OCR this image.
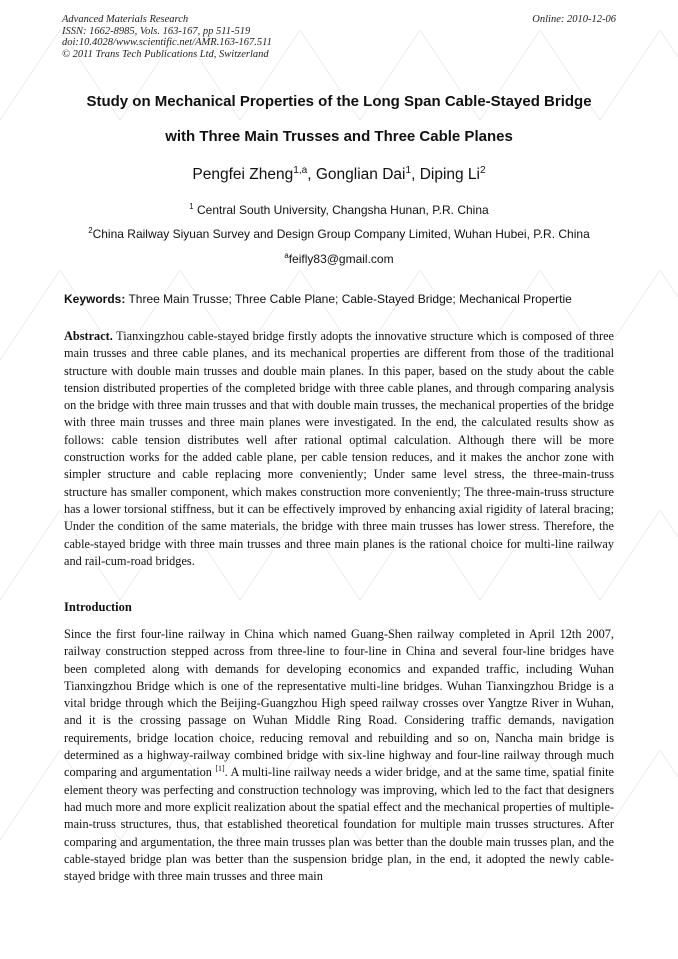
Advanced Materials Research
ISSN: 1662-8985, Vols. 163-167, pp 511-519
doi:10.4028/www.scientific.net/AMR.163-167.511
© 2011 Trans Tech Publications Ltd, Switzerland
Online: 2010-12-06
Study on Mechanical Properties of the Long Span Cable-Stayed Bridge
with Three Main Trusses and Three Cable Planes
Pengfei Zheng$^{1,a}$, Gonglian Dai$^1$, Diping Li$^2$
$^1$ Central South University, Changsha Hunan, P.R. China
$^2$China Railway Siyuan Survey and Design Group Company Limited, Wuhan Hubei, P.R. China
$^a$feifly83@gmail.com
Keywords: Three Main Trusse; Three Cable Plane; Cable-Stayed Bridge; Mechanical Propertie
Abstract. Tianxingzhou cable-stayed bridge firstly adopts the innovative structure which is composed of three main trusses and three cable planes, and its mechanical properties are different from those of the traditional structure with double main trusses and double main planes. In this paper, based on the study about the cable tension distributed properties of the completed bridge with three cable planes, and through comparing analysis on the bridge with three main trusses and that with double main trusses, the mechanical properties of the bridge with three main trusses and three main planes were investigated. In the end, the calculated results show as follows: cable tension distributes well after rational optimal calculation. Although there will be more construction works for the added cable plane, per cable tension reduces, and it makes the anchor zone with simpler structure and cable replacing more conveniently; Under same level stress, the three-main-truss structure has smaller component, which makes construction more conveniently; The three-main-truss structure has a lower torsional stiffness, but it can be effectively improved by enhancing axial rigidity of lateral bracing; Under the condition of the same materials, the bridge with three main trusses has lower stress. Therefore, the cable-stayed bridge with three main trusses and three main planes is the rational choice for multi-line railway and rail-cum-road bridges.
Introduction
Since the first four-line railway in China which named Guang-Shen railway completed in April 12th 2007, railway construction stepped across from three-line to four-line in China and several four-line bridges have been completed along with demands for developing economics and expanded traffic, including Wuhan Tianxingzhou Bridge which is one of the representative multi-line bridges. Wuhan Tianxingzhou Bridge is a vital bridge through which the Beijing-Guangzhou High speed railway crosses over Yangtze River in Wuhan, and it is the crossing passage on Wuhan Middle Ring Road. Considering traffic demands, navigation requirements, bridge location choice, reducing removal and rebuilding and so on, Nancha main bridge is determined as a highway-railway combined bridge with six-line highway and four-line railway through much comparing and argumentation [1]. A multi-line railway needs a wider bridge, and at the same time, spatial finite element theory was perfecting and construction technology was improving, which led to the fact that designers had much more and more explicit realization about the spatial effect and the mechanical properties of multiple-main-truss structures, thus, that established theoretical foundation for multiple main trusses structures. After comparing and argumentation, the three main trusses plan was better than the double main trusses plan, and the cable-stayed bridge plan was better than the suspension bridge plan, in the end, it adopted the newly cable-stayed bridge with three main trusses and three main
